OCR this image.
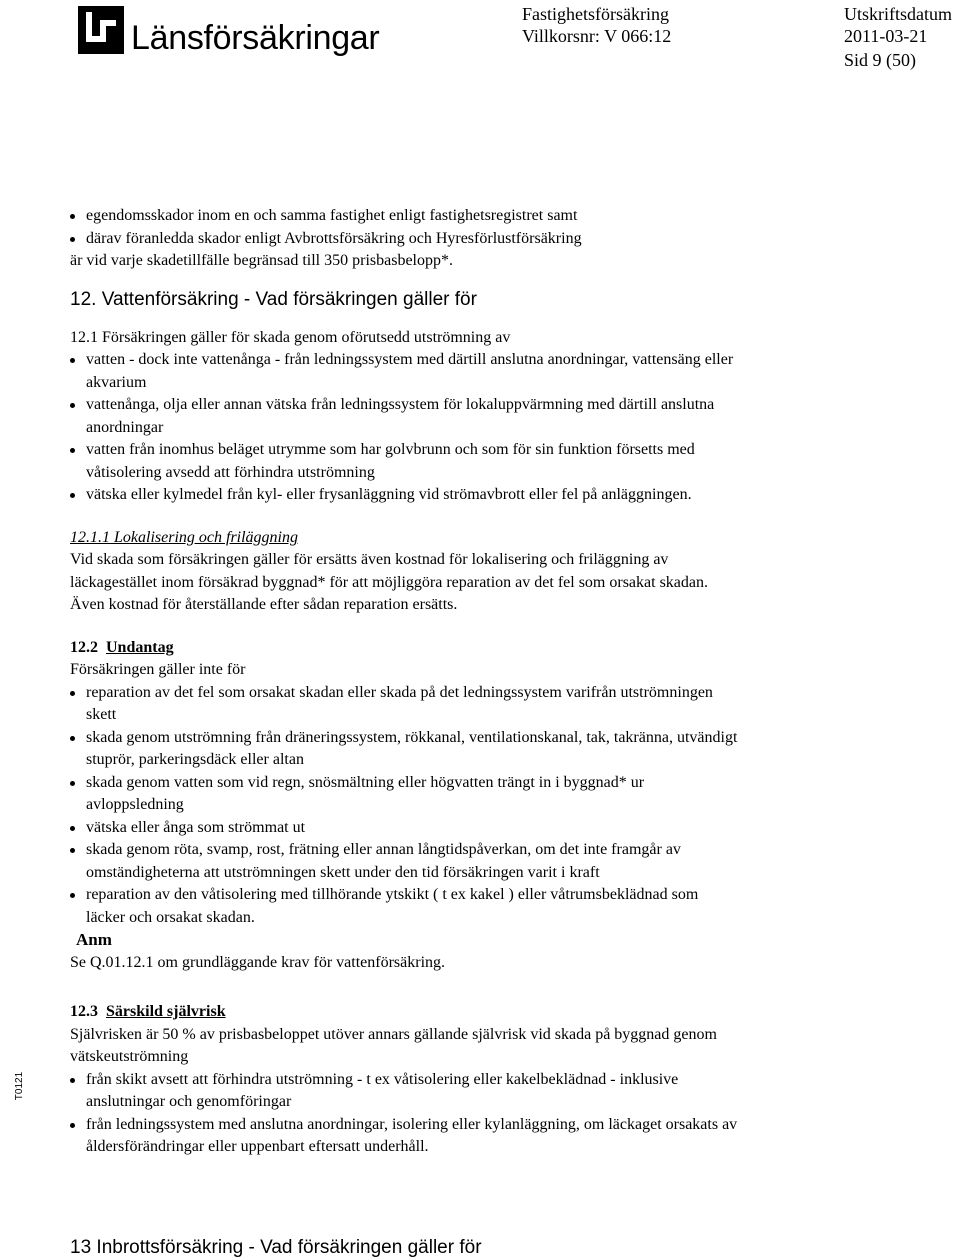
Länsförsäkringar
Fastighetsförsäkring
Villkorsnr: V 066:12
Utskriftsdatum
2011-03-21
Sid 9 (50)
T0121

egendomsskador inom en och samma fastighet enligt fastighetsregistret samt

därav föranledda skador enligt Avbrottsförsäkring och Hyresförlustförsäkring

är vid varje skadetillfälle begränsad till 350 prisbasbelopp*.

12. Vattenförsäkring - Vad försäkringen gäller för

12.1 Försäkringen gäller för skada genom oförutsedd utströmning av

vatten - dock inte vattenånga - från ledningssystem med därtill anslutna anordningar, vattensäng eller
akvarium
vattenånga, olja eller annan vätska från ledningssystem för lokaluppvärmning med därtill anslutna
anordningar
vatten från inomhus beläget utrymme som har golvbrunn och som för sin funktion försetts med
våtisolering avsedd att förhindra utströmning
vätska eller kylmedel från kyl- eller frysanläggning vid strömavbrott eller fel på anläggningen.

12.1.1 Lokalisering och friläggning

Vid skada som försäkringen gäller för ersätts även kostnad för lokalisering och friläggning av

läckagestället inom försäkrad byggnad* för att möjliggöra reparation av det fel som orsakat skadan.

Även kostnad för återställande efter sådan reparation ersätts.

12.2 Undantag

Försäkringen gäller inte för

reparation av det fel som orsakat skadan eller skada på det ledningssystem varifrån utströmningen
skett
skada genom utströmning från dräneringssystem, rökkanal, ventilationskanal, tak, takränna, utvändigt
stuprör, parkeringsdäck eller altan
skada genom vatten som vid regn, snösmältning eller högvatten trängt in i byggnad* ur
avloppsledning
vätska eller ånga som strömmat ut
skada genom röta, svamp, rost, frätning eller annan långtidspåverkan, om det inte framgår av
omständigheterna att utströmningen skett under den tid försäkringen varit i kraft
reparation av den våtisolering med tillhörande ytskikt ( t ex kakel ) eller våtrumsbeklädnad som
läcker och orsakat skadan.

Anm

Se Q.01.12.1 om grundläggande krav för vattenförsäkring.

12.3 Särskild självrisk

Självrisken är 50 % av prisbasbeloppet utöver annars gällande självrisk vid skada på byggnad genom

vätskeutströmning

från skikt avsett att förhindra utströmning - t ex våtisolering eller kakelbeklädnad - inklusive
anslutningar och genomföringar
från ledningssystem med anslutna anordningar, isolering eller kylanläggning, om läckaget orsakats av
åldersförändringar eller uppenbart eftersatt underhåll.
13 Inbrottsförsäkring - Vad försäkringen gäller för
